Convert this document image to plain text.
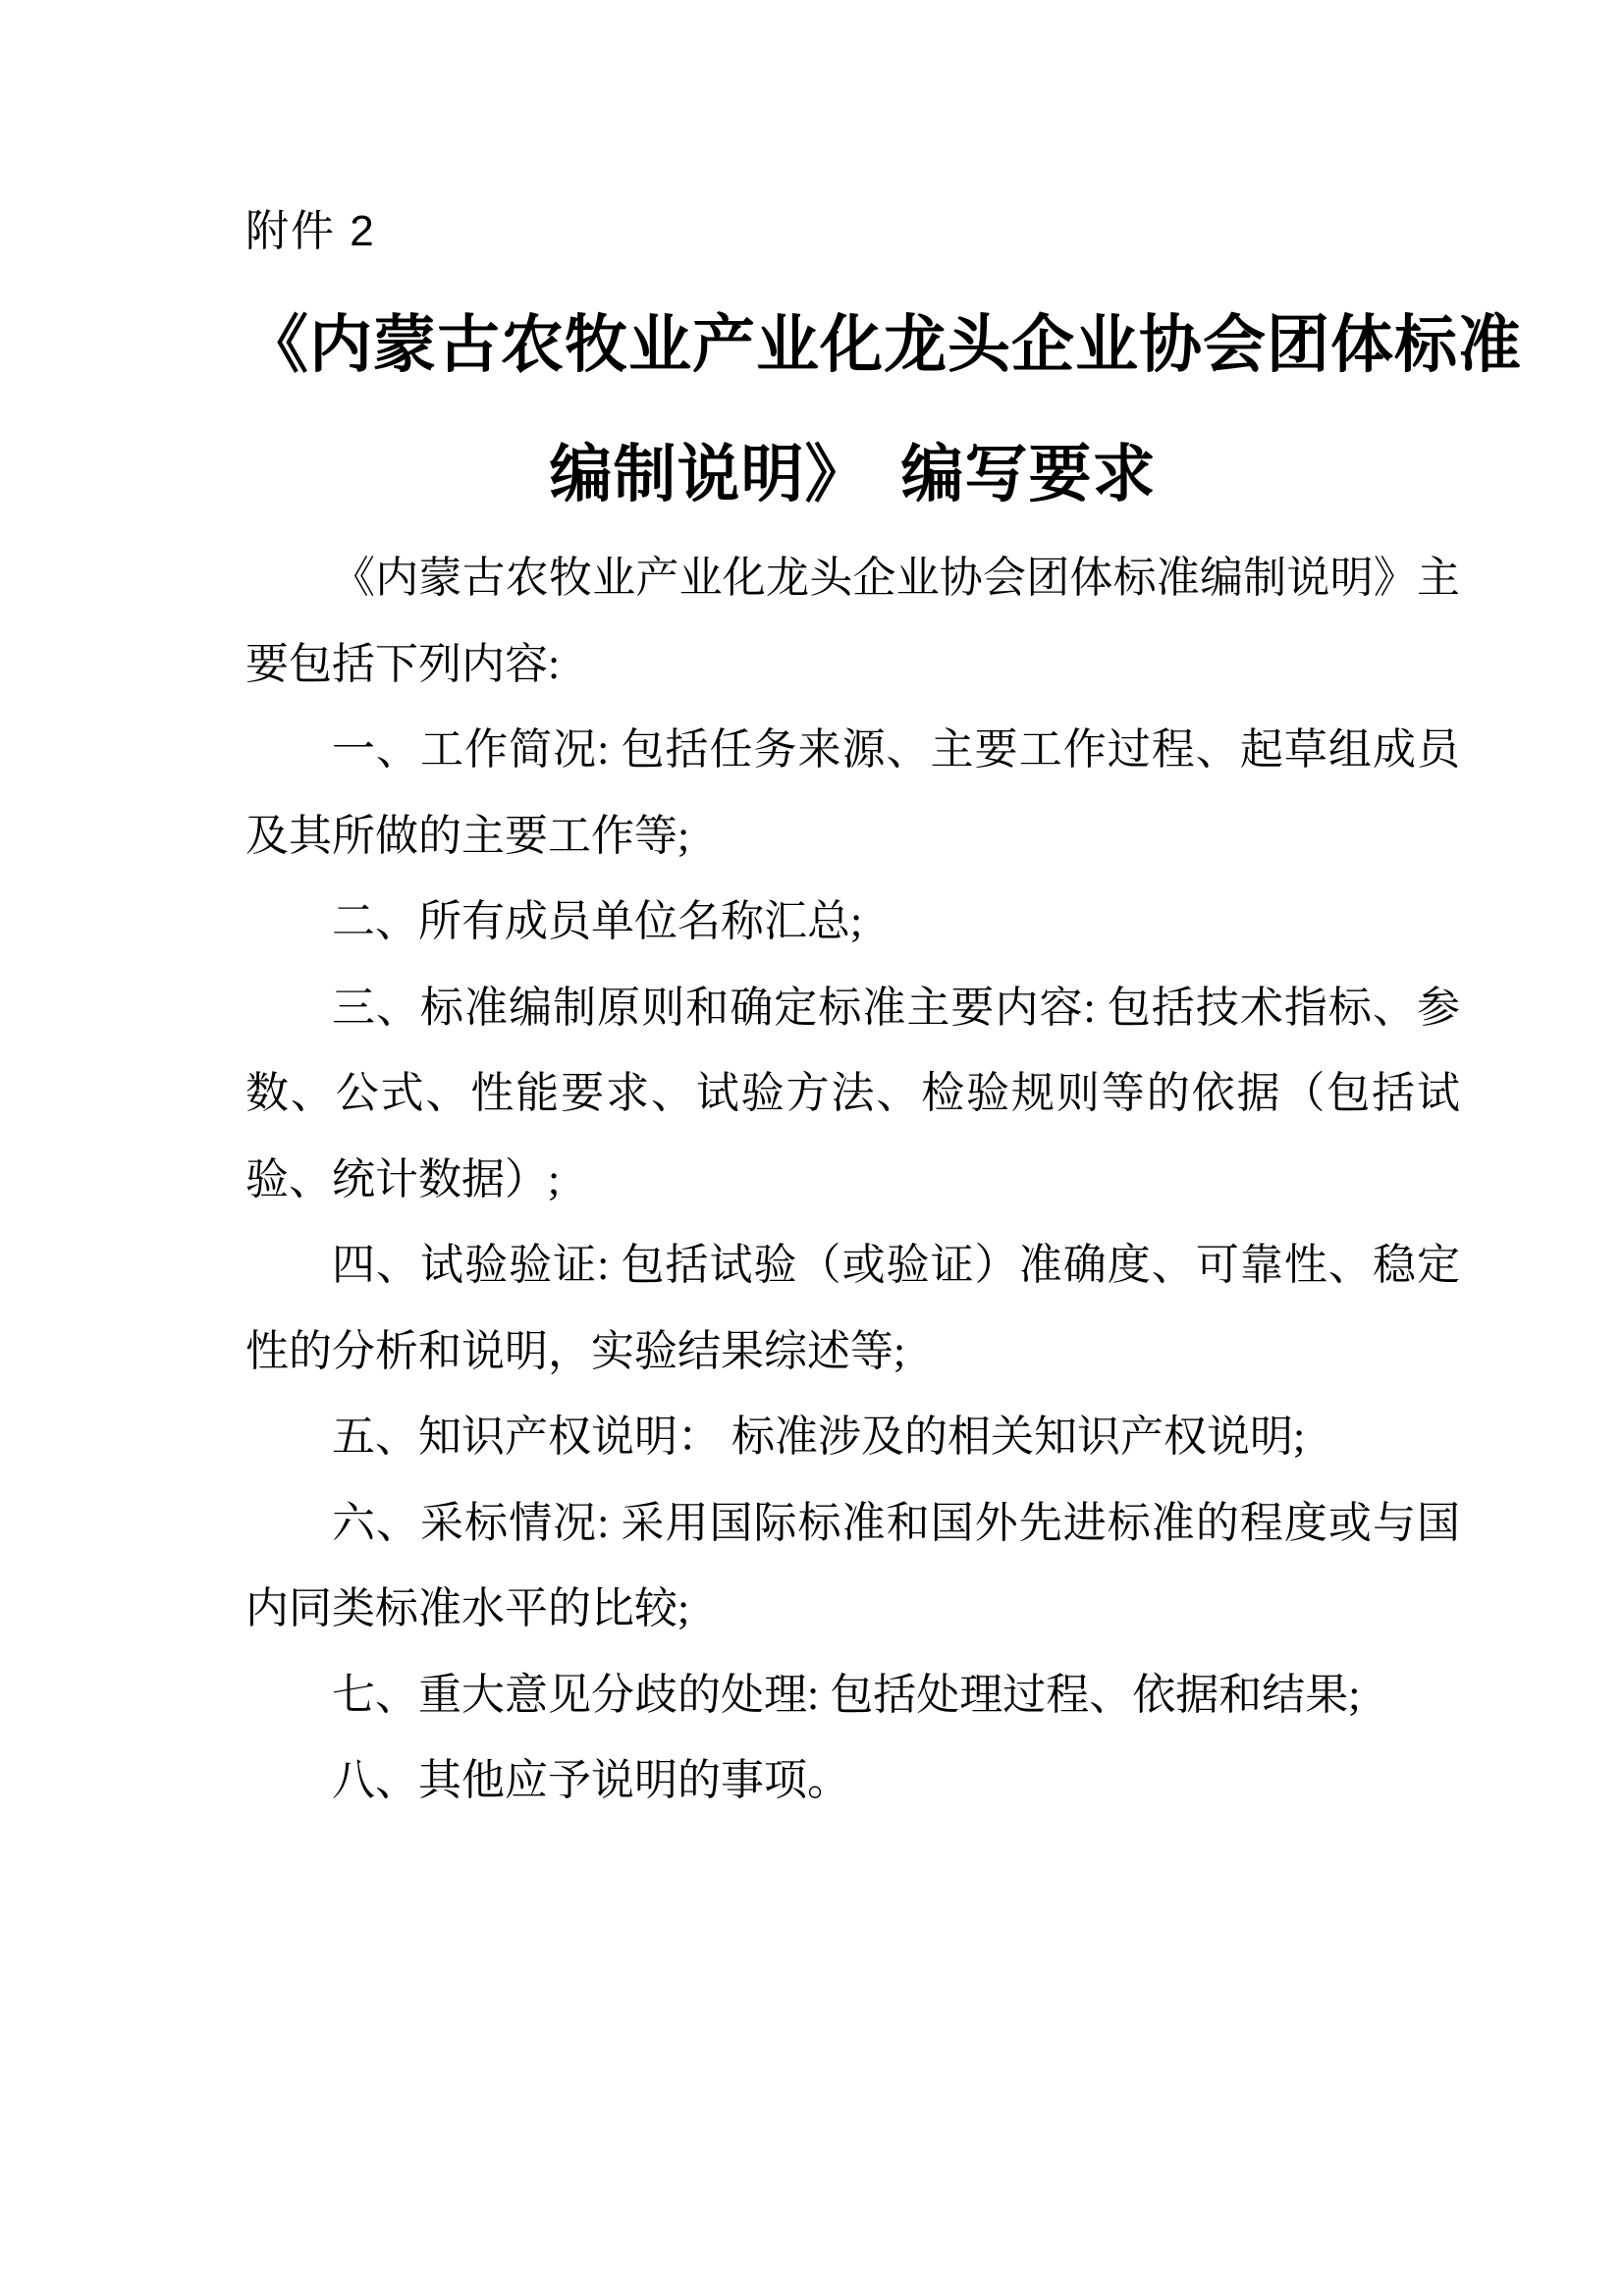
附件 2
《内蒙古农牧业产业化龙头企业协会团体标准
编制说明》　编写要求

《内蒙古农牧业产业化龙头企业协会团体标准编制说明》主要包括下列内容:

一、工作简况: 包括任务来源、主要工作过程、起草组成员及其所做的主要工作等;

二、所有成员单位名称汇总;

三、标准编制原则和确定标准主要内容: 包括技术指标、参数、公式、性能要求、试验方法、检验规则等的依据（包括试验、统计数据）;

四、试验验证: 包括试验（或验证）准确度、可靠性、稳定性的分析和说明，实验结果综述等;

五、知识产权说明： 标准涉及的相关知识产权说明;

六、采标情况: 采用国际标准和国外先进标准的程度或与国内同类标准水平的比较;

七、重大意见分歧的处理: 包括处理过程、依据和结果;

八、其他应予说明的事项。
